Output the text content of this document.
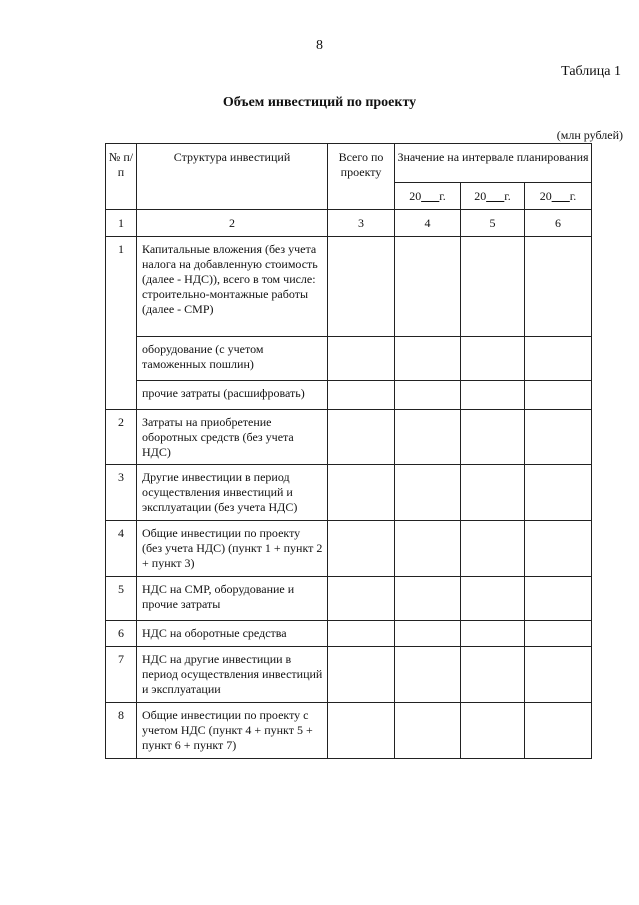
8
Таблица 1
Объем инвестиций по проекту
(млн рублей)
№ п/п	Структура инвестиций	Всего по проекту	Значение на интервале планирования		
			20___г.	20___г.	20___г.
1	2	3	4	5	6
1	Капитальные вложения (без учета налога на добавленную стоимость (далее - НДС)), всего в том числе: строительно-монтажные работы (далее - СМР)				
	оборудование (с учетом таможенных пошлин)				
	прочие затраты (расшифровать)				
2	Затраты на приобретение оборотных средств (без учета НДС)				
3	Другие инвестиции в период осуществления инвестиций и эксплуатации (без учета НДС)				
4	Общие инвестиции по проекту (без учета НДС) (пункт 1 + пункт 2 + пункт 3)				
5	НДС на СМР, оборудование и прочие затраты				
6	НДС на оборотные средства				
7	НДС на другие инвестиции в период осуществления инвестиций и эксплуатации				
8	Общие инвестиции по проекту с учетом НДС (пункт 4 + пункт 5 + пункт 6 + пункт 7)				
